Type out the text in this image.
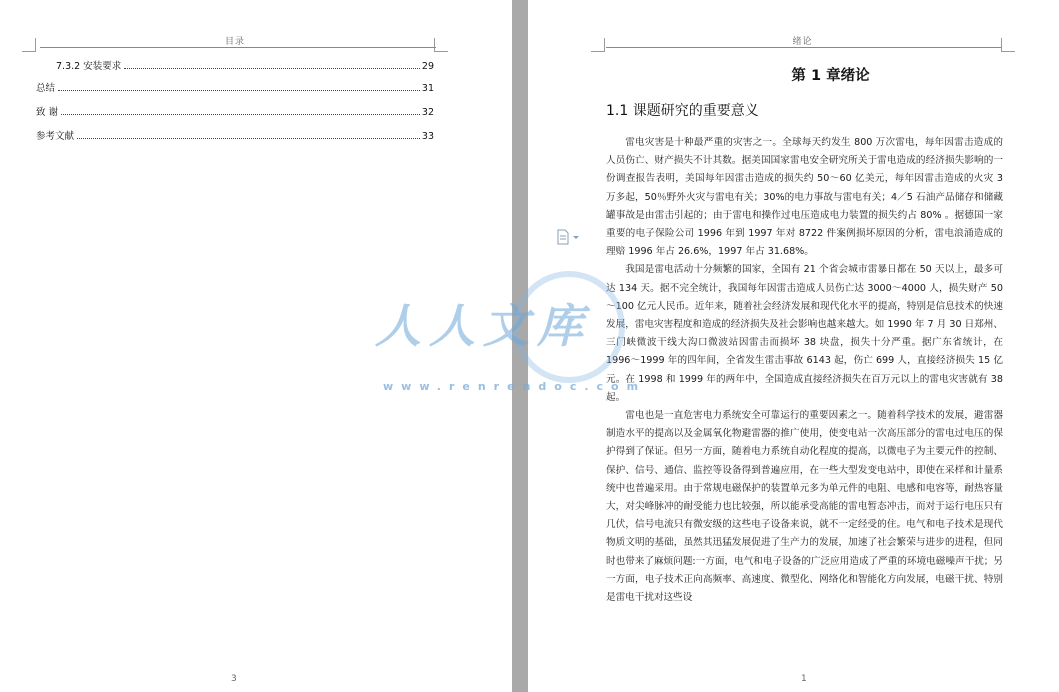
目录
7.3.2 安装要求	29
总结	31
致 谢	32
参考文献	33
3
绪论
第 1 章绪论
1.1 课题研究的重要意义

雷电灾害是十种最严重的灾害之一。全球每天约发生 800 万次雷电，每年因雷击造成的人员伤亡、财产损失不计其数。据美国国家雷电安全研究所关于雷电造成的经济损失影响的一份调查报告表明，美国每年因雷击造成的损失约 50～60 亿美元，每年因雷击造成的火灾 3 万多起，50％野外火灾与雷电有关；30%的电力事故与雷电有关；4／5 石油产品储存和储藏罐事故是由雷击引起的；由于雷电和操作过电压造成电力装置的损失约占 80% 。据德国一家重要的电子保险公司 1996 年到 1997 年对 8722 件案例损坏原因的分析，雷电浪涌造成的理赔 1996 年占 26.6%，1997 年占 31.68%。

我国是雷电活动十分频繁的国家，全国有 21 个省会城市雷暴日都在 50 天以上，最多可达 134 天。据不完全统计，我国每年因雷击造成人员伤亡达 3000～4000 人，损失财产 50～100 亿元人民币。近年来，随着社会经济发展和现代化水平的提高，特别是信息技术的快速发展，雷电灾害程度和造成的经济损失及社会影响也越来越大。如 1990 年 7 月 30 日郑州、三门峡微波干线大沟口微波站因雷击而损坏 38 块盘，损失十分严重。据广东省统计，在 1996～1999 年的四年间，全省发生雷击事故 6143 起，伤亡 699 人，直接经济损失 15 亿元。在 1998 和 1999 年的两年中，全国造成直接经济损失在百万元以上的雷电灾害就有 38 起。

雷电也是一直危害电力系统安全可靠运行的重要因素之一。随着科学技术的发展，避雷器制造水平的提高以及金属氧化物避雷器的推广使用，使变电站一次高压部分的雷电过电压的保护得到了保证。但另一方面，随着电力系统自动化程度的提高，以微电子为主要元件的控制、保护、信号、通信、监控等设备得到普遍应用，在一些大型发变电站中，即使在采样和计量系统中也普遍采用。由于常规电磁保护的装置单元多为单元件的电阻、电感和电容等，耐热容量大，对尖峰脉冲的耐受能力也比较强，所以能承受高能的雷电暂态冲击，而对于运行电压只有几伏，信号电流只有微安级的这些电子设备来说，就不一定经受的住。电气和电子技术是现代物质文明的基础，虽然其迅猛发展促进了生产力的发展，加速了社会繁荣与进步的进程，但同时也带来了麻烦问题:一方面，电气和电子设备的广泛应用造成了严重的环境电磁噪声干扰；另一方面，电子技术正向高频率、高速度、微型化、网络化和智能化方向发展，电磁干扰、特别是雷电干扰对这些设

1
人人文库
www.renrendoc.com
